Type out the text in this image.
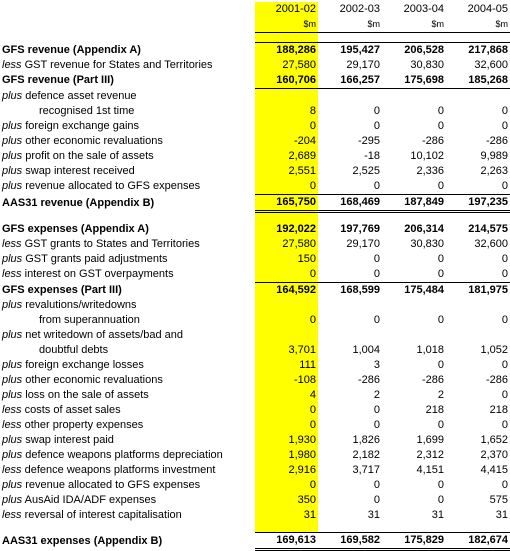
	2001-02	2002-03	2003-04	2004-05
	$m	$m	$m	$m

GFS revenue (Appendix A)	188,286	195,427	206,528	217,868
less GST revenue for States and Territories	27,580	29,170	30,830	32,600
GFS revenue (Part III)	160,706	166,257	175,698	185,268
plus defence asset revenue				
recognised 1st time	8	0	0	0
plus foreign exchange gains	0	0	0	0
plus other economic revaluations	-204	-295	-286	-286
plus profit on the sale of assets	2,689	-18	10,102	9,989
plus swap interest received	2,551	2,525	2,336	2,263
plus revenue allocated to GFS expenses	0	0	0	0
AAS31 revenue (Appendix B)	165,750	168,469	187,849	197,235

GFS expenses (Appendix A)	192,022	197,769	206,314	214,575
less GST grants to States and Territories	27,580	29,170	30,830	32,600
plus GST grants paid adjustments	150	0	0	0
less interest on GST overpayments	0	0	0	0
GFS expenses (Part III)	164,592	168,599	175,484	181,975
plus revalutions/writedowns				
from superannuation	0	0	0	0
plus net writedown of assets/bad and				
doubtful debts	3,701	1,004	1,018	1,052
plus foreign exchange losses	111	3	0	0
plus other economic revaluations	-108	-286	-286	-286
plus loss on the sale of assets	4	2	2	0
less costs of asset sales	0	0	218	218
less other property expenses	0	0	0	0
plus swap interest paid	1,930	1,826	1,699	1,652
plus defence weapons platforms depreciation	1,980	2,182	2,312	2,370
less defence weapons platforms investment	2,916	3,717	4,151	4,415
plus revenue allocated to GFS expenses	0	0	0	0
plus AusAid IDA/ADF expenses	350	0	0	575
less reversal of interest capitalisation	31	31	31	31

AAS31 expenses (Appendix B)	169,613	169,582	175,829	182,674
